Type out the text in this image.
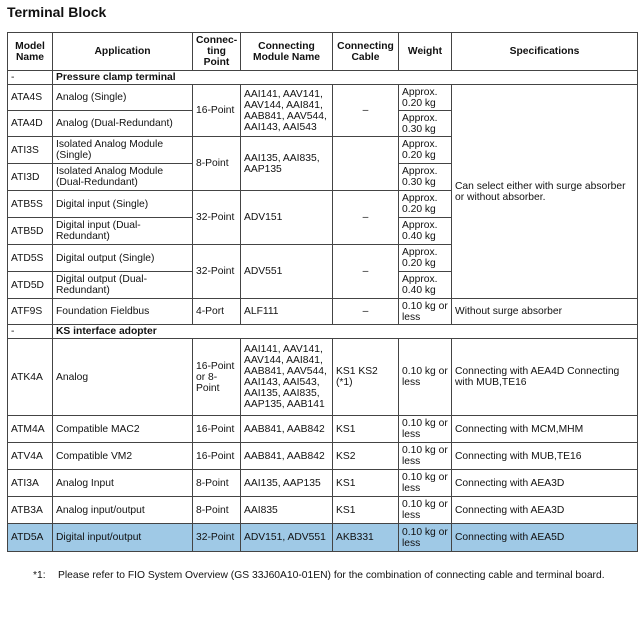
Terminal Block
Model Name	Application	Connec-ting Point	Connecting Module Name	Connecting Cable	Weight	Specifications
-	Pressure clamp terminal					
ATA4S	Analog (Single)	16-Point	AAI141, AAV141, AAV144, AAI841, AAB841, AAV544, AAI143, AAI543	–	Approx. 0.20 kg	Can select either with surge absorber or without absorber.
ATA4D	Analog (Dual-Redundant)				Approx. 0.30 kg	
ATI3S	Isolated Analog Module (Single)	8-Point	AAI135, AAI835, AAP135		Approx. 0.20 kg	
ATI3D	Isolated Analog Module (Dual-Redundant)				Approx. 0.30 kg	
ATB5S	Digital input (Single)	32-Point	ADV151	–	Approx. 0.20 kg	
ATB5D	Digital input (Dual-Redundant)				Approx. 0.40 kg	
ATD5S	Digital output (Single)	32-Point	ADV551	–	Approx. 0.20 kg	
ATD5D	Digital output (Dual-Redundant)				Approx. 0.40 kg	
ATF9S	Foundation Fieldbus	4-Port	ALF111	–	0.10 kg or less	Without surge absorber
-	KS interface adopter					
ATK4A	Analog	16-Point or 8-Point	AAI141, AAV141, AAV144, AAI841, AAB841, AAV544, AAI143, AAI543, AAI135, AAI835, AAP135, AAB141	KS1 KS2 (*1)	0.10 kg or less	Connecting with AEA4D Connecting with MUB,TE16
ATM4A	Compatible MAC2	16-Point	AAB841, AAB842	KS1	0.10 kg or less	Connecting with MCM,MHM
ATV4A	Compatible VM2	16-Point	AAB841, AAB842	KS2	0.10 kg or less	Connecting with MUB,TE16
ATI3A	Analog Input	8-Point	AAI135, AAP135	KS1	0.10 kg or less	Connecting with AEA3D
ATB3A	Analog input/output	8-Point	AAI835	KS1	0.10 kg or less	Connecting with AEA3D
ATD5A	Digital input/output	32-Point	ADV151, ADV551	AKB331	0.10 kg or less	Connecting with AEA5D
*1: Please refer to FIO System Overview (GS 33J60A10-01EN) for the combination of connecting cable and terminal board.
